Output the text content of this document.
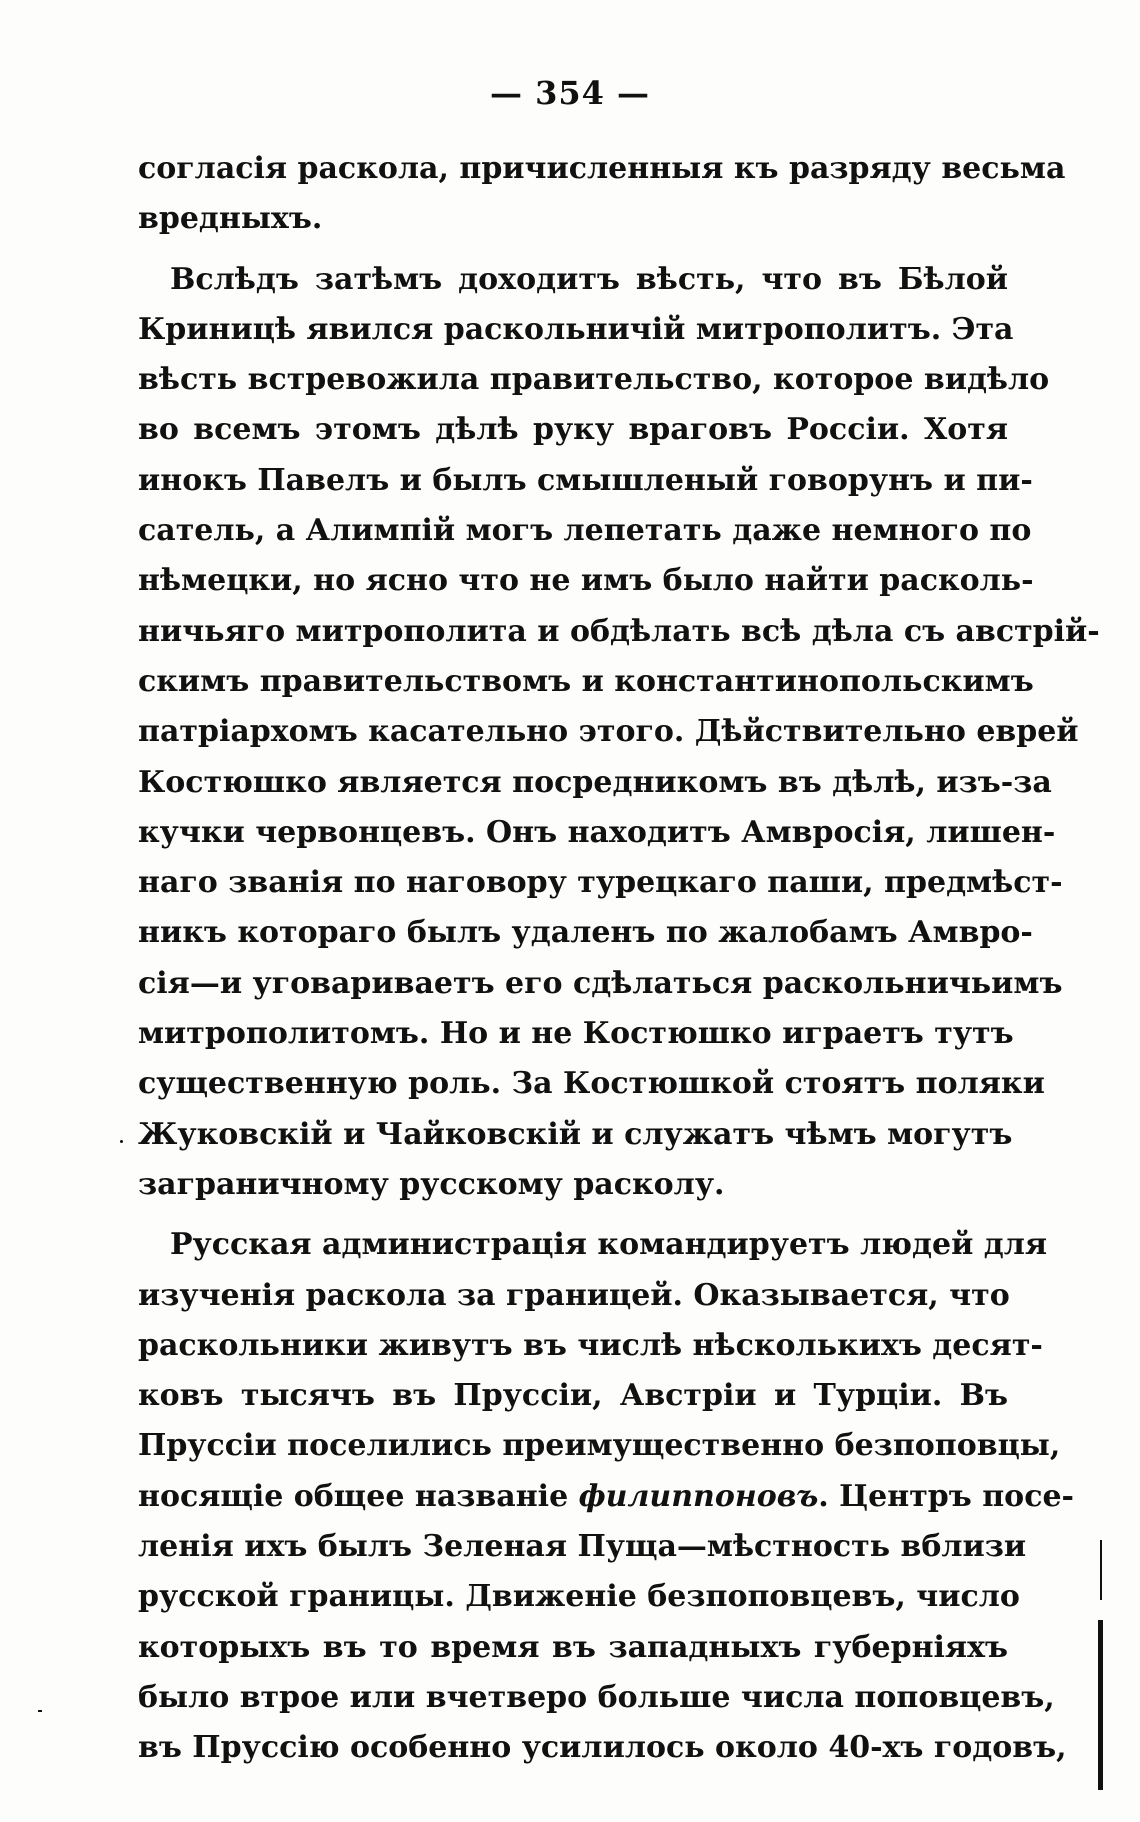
— 354 —
согласія раскола, причисленныя къ разряду весьма
вредныхъ.
Вслѣдъ затѣмъ доходитъ вѣсть, что въ Бѣлой
Криницѣ явился раскольничій митрополитъ. Эта
вѣсть встревожила правительство, которое видѣло
во всемъ этомъ дѣлѣ руку враговъ Россіи. Хотя
инокъ Павелъ и былъ смышленый говорунъ и пи-
сатель, а Алимпій могъ лепетать даже немного по
нѣмецки, но ясно что не имъ было найти расколь-
ничьяго митрополита и обдѣлать всѣ дѣла съ австрій-
скимъ правительствомъ и константинопольскимъ
патріархомъ касательно этого. Дѣйствительно еврей
Костюшко является посредникомъ въ дѣлѣ, изъ-за
кучки червонцевъ. Онъ находитъ Амвросія, лишен-
наго званія по наговору турецкаго паши, предмѣст-
никъ котораго былъ удаленъ по жалобамъ Амвро-
сія—и уговариваетъ его сдѣлаться раскольничьимъ
митрополитомъ. Но и не Костюшко играетъ тутъ
существенную роль. За Костюшкой стоятъ поляки
Жуковскій и Чайковскій и служатъ чѣмъ могутъ
заграничному русскому расколу.
Русская администрація командируетъ людей для
изученія раскола за границей. Оказывается, что
раскольники живутъ въ числѣ нѣсколькихъ десят-
ковъ тысячъ въ Пруссіи, Австріи и Турціи. Въ
Пруссіи поселились преимущественно безпоповцы,
носящіе общее названіе филиппоновъ. Центръ посе-
ленія ихъ былъ Зеленая Пуща—мѣстность вблизи
русской границы. Движеніе безпоповцевъ, число
которыхъ въ то время въ западныхъ губерніяхъ
было втрое или вчетверо больше числа поповцевъ,
въ Пруссію особенно усилилось около 40-хъ годовъ,
